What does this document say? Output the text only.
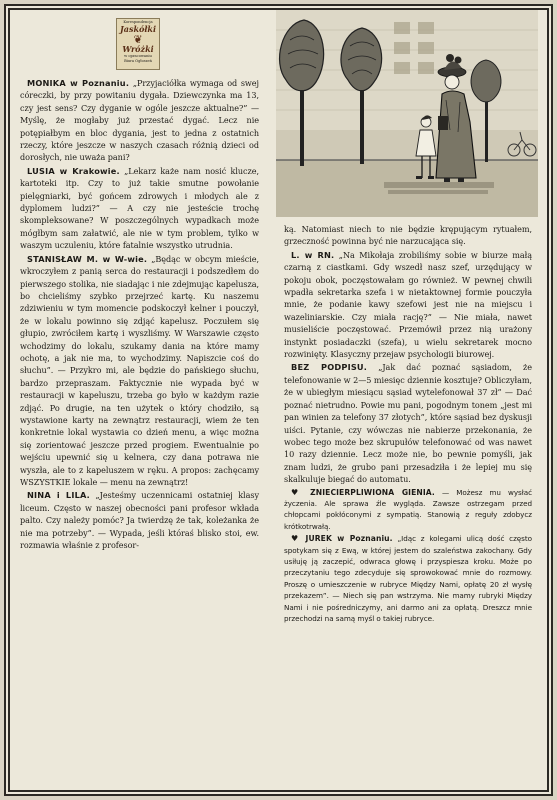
Korespondencja
Jaskółki
❦
Wróżki
w opracowaniu
Biura Ogłoszeń

MONIKA w Poznaniu. „Przyjaciółka wymaga od swej córeczki, by przy powitaniu dygała. Dziewczynka ma 13, czy jest sens? Czy dyganie w ogóle jeszcze aktualne?” — Myślę, że mogłaby już przestać dygać. Lecz nie potępiałbym en bloc dygania, jest to jedna z ostatnich rzeczy, które jeszcze w naszych czasach różnią dzieci od dorosłych, nie uważa pani?

LUSIA w Krakowie. „Lekarz każe nam nosić klucze, kartoteki itp. Czy to już takie smutne powołanie pielęgniarki, być gońcem zdrowych i młodych ale z dyplomem ludzi?” — A czy nie jesteście trochę skompleksowane? W poszczególnych wypadkach może mógłbym sam załatwić, ale nie w tym problem, tylko w waszym uczuleniu, które fatalnie wszystko utrudnia.

STANISŁAW M. w W-wie. „Będąc w obcym mieście, wkroczyłem z panią serca do restauracji i podszedłem do pierwszego stolika, nie siadając i nie zdejmując kapelusza, bo chcieliśmy szybko przejrzeć kartę. Ku naszemu zdziwieniu w tym momencie podskoczył kelner i pouczył, że w lokalu powinno się zdjąć kapelusz. Poczułem się głupio, zwróciłem kartę i wyszliśmy. W Warszawie często wchodzimy do lokalu, szukamy dania na które mamy ochotę, a jak nie ma, to wychodzimy. Napiszcie coś do słuchu”. — Przykro mi, ale będzie do pańskiego słuchu, bardzo przepraszam. Faktycznie nie wypada być w restauracji w kapeluszu, trzeba go było w każdym razie zdjąć. Po drugie, na ten użytek o który chodziło, są wystawione karty na zewnątrz restauracji, wiem że ten konkretnie lokal wystawia co dzień menu, a więc można się zorientować jeszcze przed progiem. Ewentualnie po wejściu upewnić się u kelnera, czy dana potrawa nie wyszła, ale to z kapeluszem w ręku. A propos: zachęcamy WSZYSTKIE lokale — menu na zewnątrz!

NINA i LILA. „Jesteśmy uczennicami ostatniej klasy liceum. Często w naszej obecności pani profesor wkłada palto. Czy należy pomóc? Ja twierdzę że tak, koleżanka że nie ma potrzeby”. — Wypada, jeśli któraś blisko stoi, ew. rozmawia właśnie z profesor-

ką. Natomiast niech to nie będzie krępującym rytuałem, grzeczność powinna być nie narzucająca się.

L. w RN. „Na Mikołaja zrobiliśmy sobie w biurze małą czarną z ciastkami. Gdy wszedł nasz szef, urzędujący w pokoju obok, poczęstowałam go również. W pewnej chwili wpadła sekretarka szefa i w nietaktownej formie pouczyła mnie, że podanie kawy szefowi jest nie na miejscu i wazeliniarskie. Czy miała rację?” — Nie miała, nawet musieliście poczęstować. Przemówił przez nią urażony instynkt posiadaczki (szefa), u wielu sekretarek mocno rozwinięty. Klasyczny przejaw psychologii biurowej.

BEZ PODPISU. „Jak dać poznać sąsiadom, że telefonowanie w 2—5 miesięc dziennie kosztuje? Obliczyłam, że w ubiegłym miesiącu sąsiad wytelefonował 37 zł” — Dać poznać nietrudno. Powie mu pani, pogodnym tonem „jest mi pan winien za telefony 37 złotych”, które sąsiad bez dyskusji uiści. Pytanie, czy wówczas nie nabierze przekonania, że wobec tego może bez skrupułów telefonować od was nawet 10 razy dziennie. Lecz może nie, bo pewnie pomyśli, jak znam ludzi, że grubo pani przesadziła i że lepiej mu się skalkuluje biegać do automatu.

♥ ZNIECIERPLIWIONA GIENIA. — Możesz mu wysłać życzenia. Ale sprawa źle wygląda. Zawsze ostrzegam przed chłopcami pokłóconymi z sympatią. Stanowią z reguły zdobycz krótkotrwałą.

♥ JUREK w Poznaniu. „Idąc z kolegami ulicą dość często spotykam się z Ewą, w której jestem do szaleństwa zakochany. Gdy usiłuję ją zaczepić, odwraca głowę i przyspiesza kroku. Może po przeczytaniu tego zdecyduje się sprowokować mnie do rozmowy. Proszę o umieszczenie w rubryce Między Nami, opłatę 20 zł wysłę przekazem”. — Niech się pan wstrzyma. Nie mamy rubryki Między Nami i nie pośredniczymy, ani darmo ani za opłatą. Dreszcz mnie przechodzi na samą myśl o takiej rubryce.
